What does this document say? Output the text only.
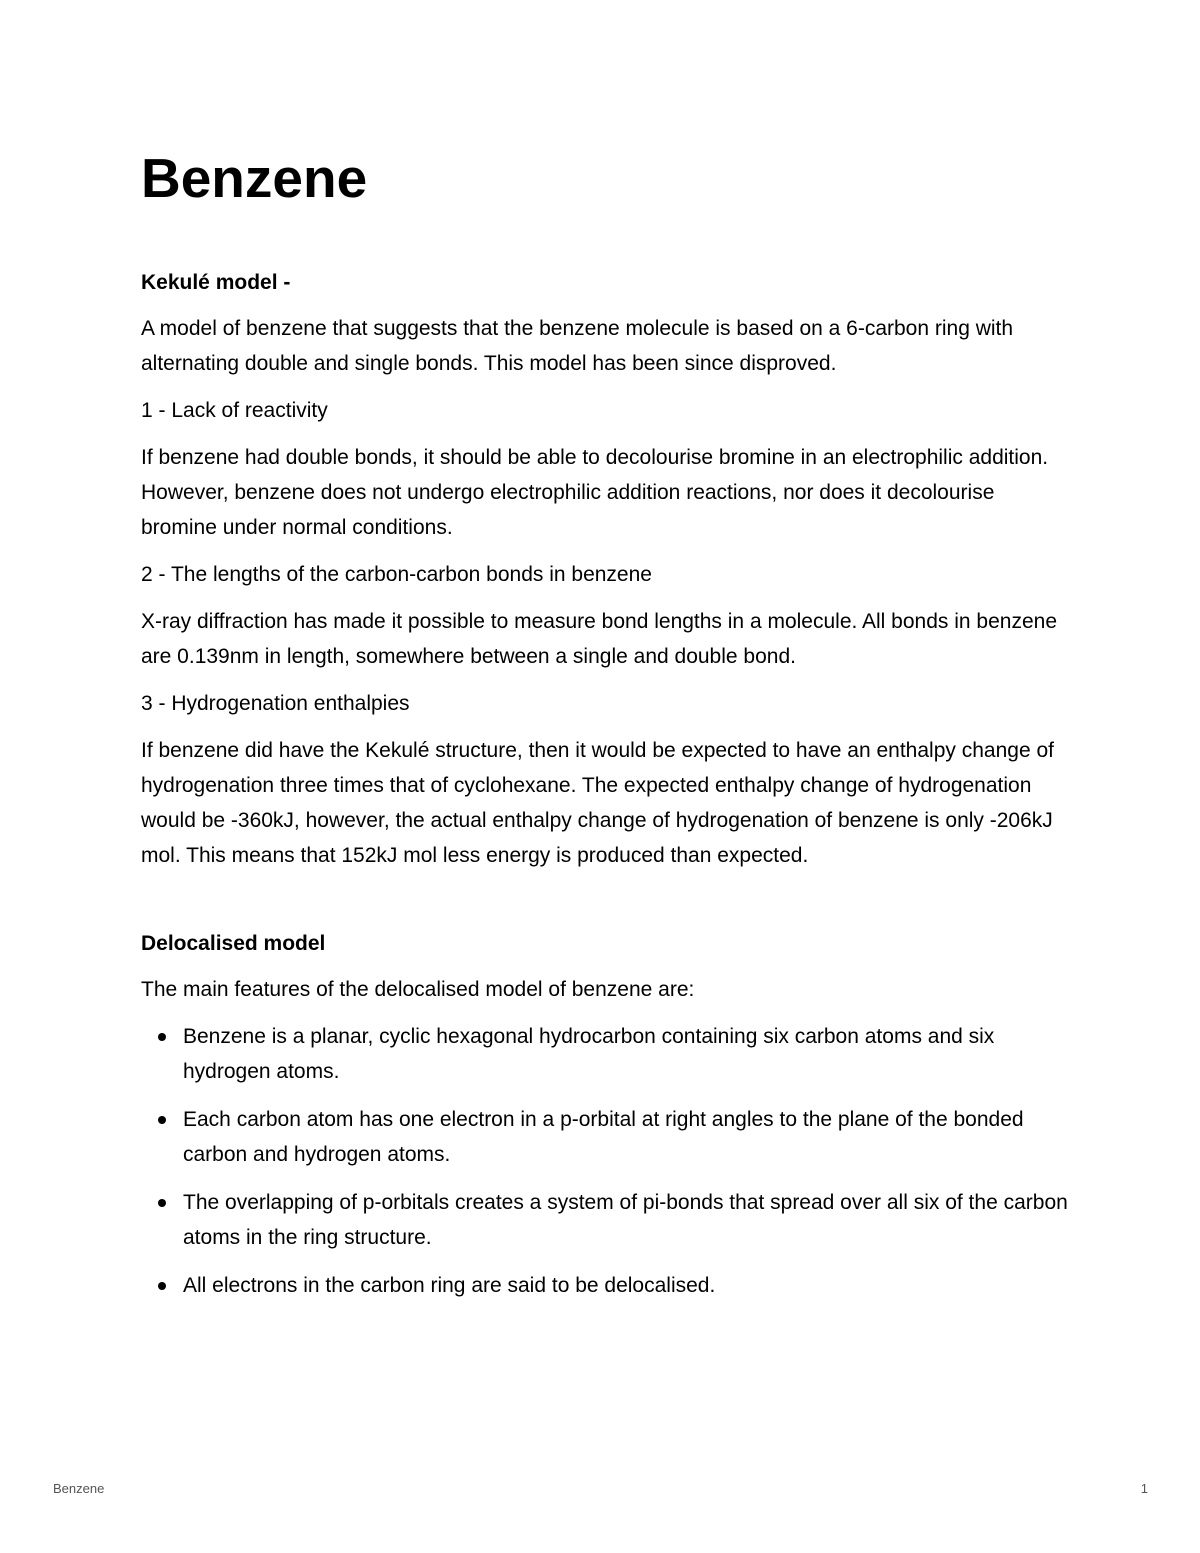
Benzene
Kekulé model -

A model of benzene that suggests that the benzene molecule is based on a 6-carbon ring with alternating double and single bonds. This model has been since disproved.

1 - Lack of reactivity

If benzene had double bonds, it should be able to decolourise bromine in an electrophilic addition. However, benzene does not undergo electrophilic addition reactions, nor does it decolourise bromine under normal conditions.

2 - The lengths of the carbon-carbon bonds in benzene

X-ray diffraction has made it possible to measure bond lengths in a molecule. All bonds in benzene are 0.139nm in length, somewhere between a single and double bond.

3 - Hydrogenation enthalpies

If benzene did have the Kekulé structure, then it would be expected to have an enthalpy change of hydrogenation three times that of cyclohexane. The expected enthalpy change of hydrogenation would be -360kJ, however, the actual enthalpy change of hydrogenation of benzene is only -206kJ mol. This means that 152kJ mol less energy is produced than expected.

Delocalised model

The main features of the delocalised model of benzene are:

Benzene is a planar, cyclic hexagonal hydrocarbon containing six carbon atoms and six hydrogen atoms.
Each carbon atom has one electron in a p-orbital at right angles to the plane of the bonded carbon and hydrogen atoms.
The overlapping of p-orbitals creates a system of pi-bonds that spread over all six of the carbon atoms in the ring structure.
All electrons in the carbon ring are said to be delocalised.
Benzene	1
